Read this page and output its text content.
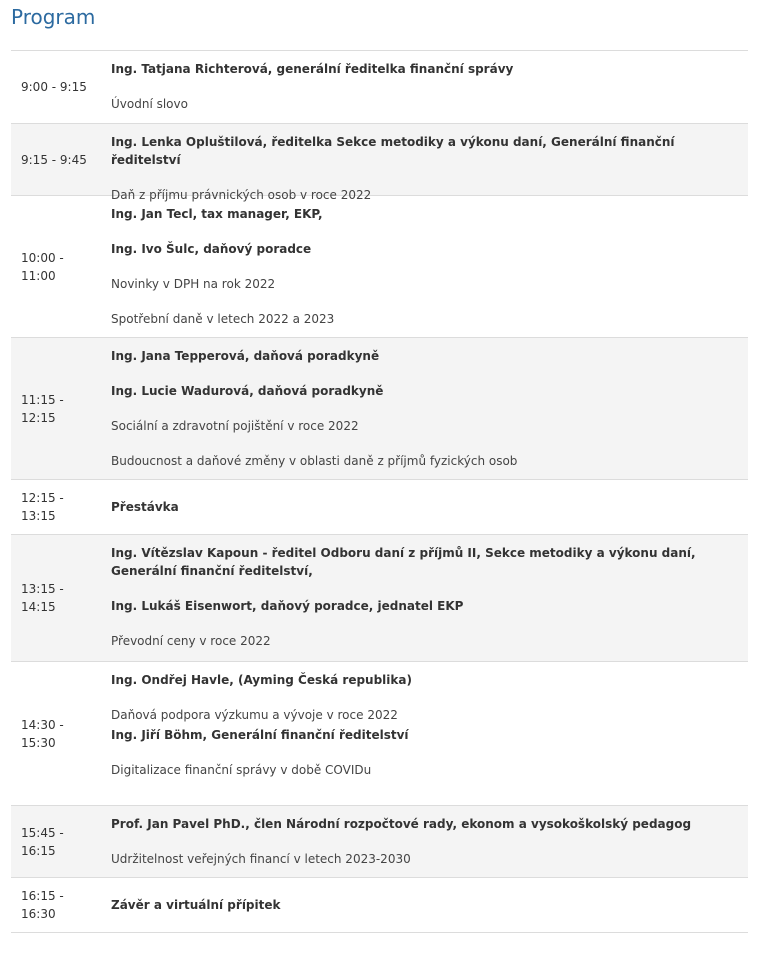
Program
9:00 - 9:15

Ing. Tatjana Richterová, generální ředitelka finanční správy

Úvodní slovo

9:15 - 9:45

Ing. Lenka Opluštilová, ředitelka Sekce metodiky a výkonu daní, Generální finanční ředitelství

Daň z příjmu právnických osob v roce 2022

10:00 - 11:00

Ing. Jan Tecl, tax manager, EKP,

Ing. Ivo Šulc, daňový poradce

Novinky v DPH na rok 2022

Spotřební daně v letech 2022 a 2023

11:15 - 12:15

Ing. Jana Tepperová, daňová poradkyně

Ing. Lucie Wadurová, daňová poradkyně

Sociální a zdravotní pojištění v roce 2022

Budoucnost a daňové změny v oblasti daně z příjmů fyzických osob

12:15 - 13:15

Přestávka

13:15 - 14:15

Ing. Vítězslav Kapoun - ředitel Odboru daní z příjmů II, Sekce metodiky a výkonu daní, Generální finanční ředitelství,

Ing. Lukáš Eisenwort, daňový poradce, jednatel EKP

Převodní ceny v roce 2022

14:30 - 15:30

Ing. Ondřej Havle, (Ayming Česká republika)

Daňová podpora výzkumu a vývoje v roce 2022

Ing. Jiří Böhm, Generální finanční ředitelství

Digitalizace finanční správy v době COVIDu

15:45 - 16:15

Prof. Jan Pavel PhD., člen Národní rozpočtové rady, ekonom a vysokoškolský pedagog

Udržitelnost veřejných financí v letech 2023-2030

16:15 - 16:30

Závěr a virtuální přípitek
